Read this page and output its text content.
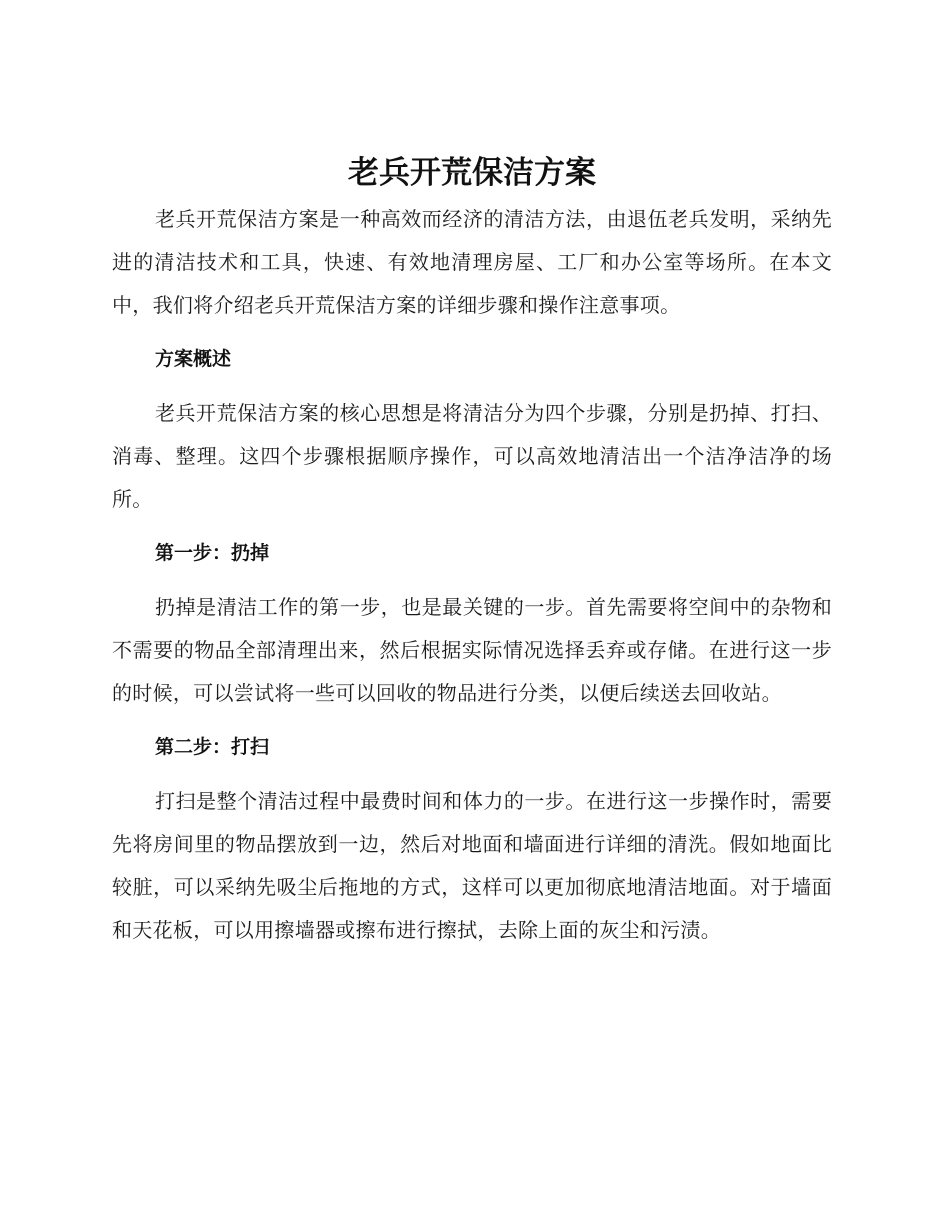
老兵开荒保洁方案

老兵开荒保洁方案是一种高效而经济的清洁方法，由退伍老兵发明，采纳先进的清洁技术和工具，快速、有效地清理房屋、工厂和办公室等场所。在本文中，我们将介绍老兵开荒保洁方案的详细步骤和操作注意事项。

方案概述

老兵开荒保洁方案的核心思想是将清洁分为四个步骤，分别是扔掉、打扫、消毒、整理。这四个步骤根据顺序操作，可以高效地清洁出一个洁净洁净的场所。

第一步：扔掉

扔掉是清洁工作的第一步，也是最关键的一步。首先需要将空间中的杂物和不需要的物品全部清理出来，然后根据实际情况选择丢弃或存储。在进行这一步的时候，可以尝试将一些可以回收的物品进行分类，以便后续送去回收站。

第二步：打扫

打扫是整个清洁过程中最费时间和体力的一步。在进行这一步操作时，需要先将房间里的物品摆放到一边，然后对地面和墙面进行详细的清洗。假如地面比较脏，可以采纳先吸尘后拖地的方式，这样可以更加彻底地清洁地面。对于墙面和天花板，可以用擦墙器或擦布进行擦拭，去除上面的灰尘和污渍。
